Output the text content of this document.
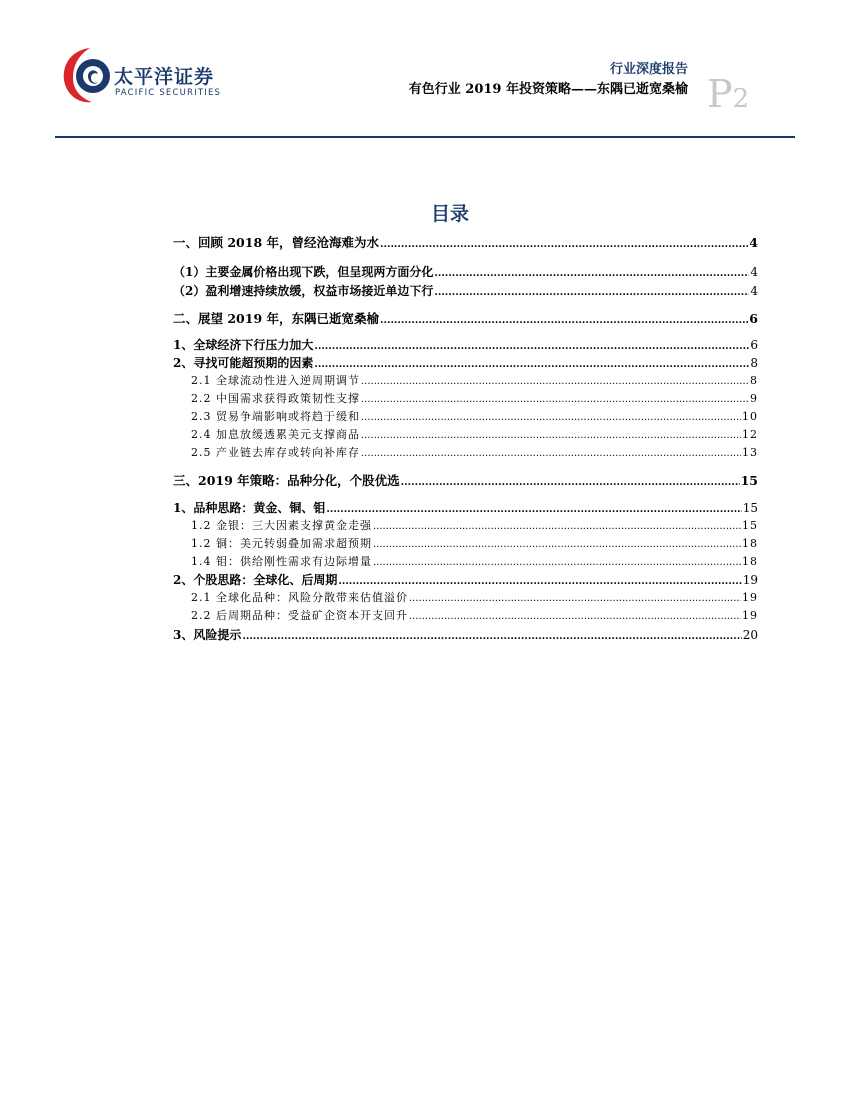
太平洋证券
PACIFIC SECURITIES
行业深度报告
有色行业 2019 年投资策略——东隅已逝宽桑榆 P2
目录
一、回顾 2018 年，曾经沧海难为水 .....	4
（1）主要金属价格出现下跌，但呈现两方面分化 .....	4
（2）盈利增速持续放缓，权益市场接近单边下行 .....	4
二、展望 2019 年，东隅已逝宽桑榆 .....	6
1、全球经济下行压力加大 .....	6
2、寻找可能超预期的因素 .....	8
2.1 全球流动性进入逆周期调节 .....	8
2.2 中国需求获得政策韧性支撑 .....	9
2.3 贸易争端影响或将趋于缓和 .....	10
2.4 加息放缓透累美元支撑商品 .....	12
2.5 产业链去库存或转向补库存 .....	13
三、2019 年策略：品种分化，个股优选 .....	15
1、品种思路：黄金、铜、钼 .....	15
1.2 金银：三大因素支撑黄金走强 .....	15
1.2 铜：美元转弱叠加需求超预期 .....	18
1.4 钼：供给刚性需求有边际增量 .....	18
2、个股思路：全球化、后周期 .....	19
2.1 全球化品种：风险分散带来估值溢价 .....	19
2.2 后周期品种：受益矿企资本开支回升 .....	19
3、风险提示 .....	20
